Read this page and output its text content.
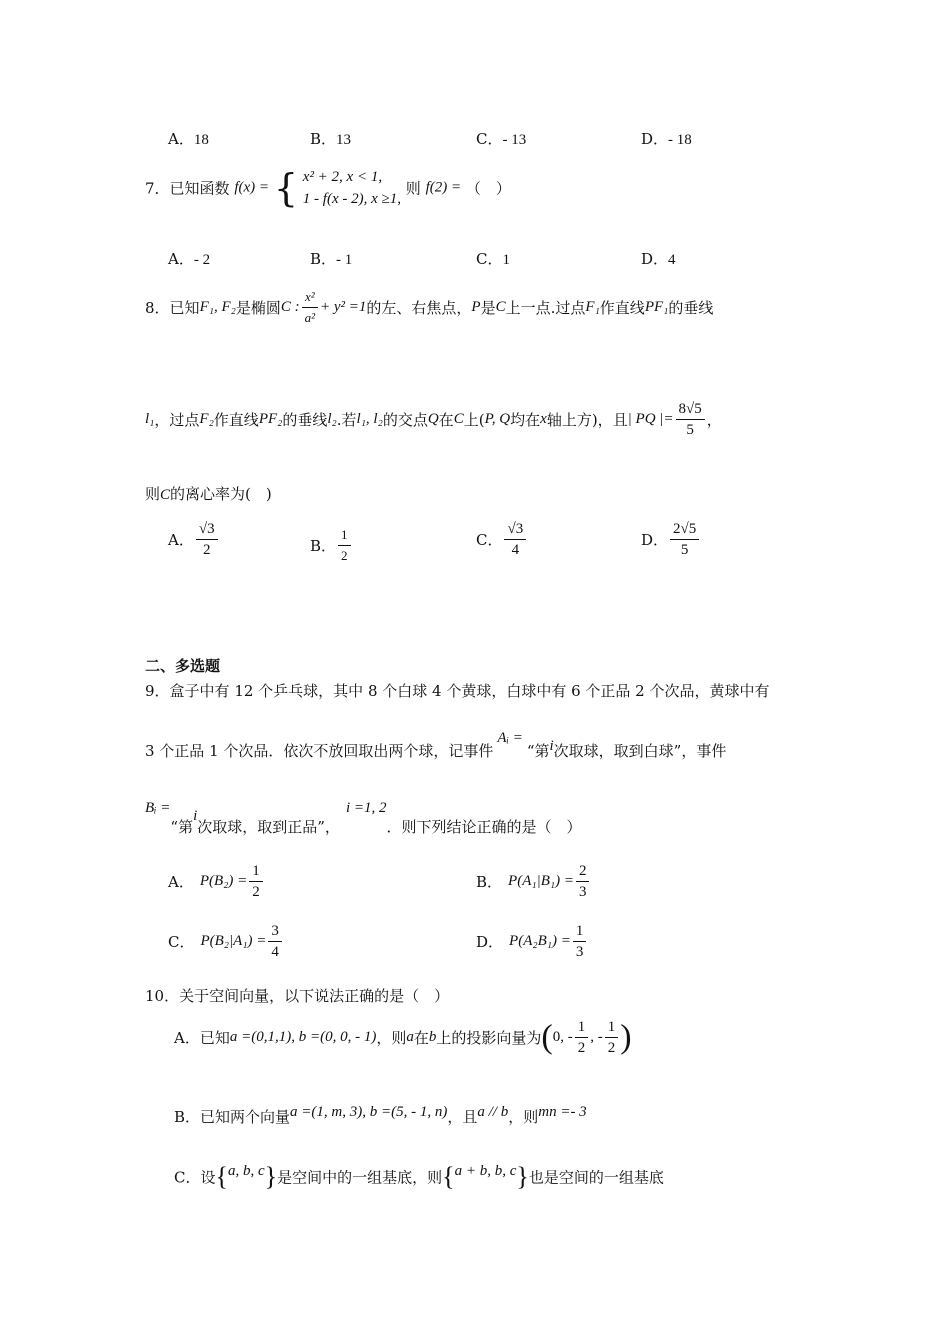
A．18	B．13	C．- 13	D．- 18
7．已知函数 f(x) = { x² + 2, x < 1,
1 - f(x - 2), x ≥1,
则 f(2) = （　）
A．- 2	B．- 1	C．1	D．4
8．已知F₁, F₂是椭圆C : $\frac{\text{x²}}{\text{a²}} + y^2 =1$的左、右焦点，P是C上一点.过点F₁作直线PF₁的垂线
l₁，过点F₂作直线PF₂的垂线l₂.若l₁, l₂的交点Q在C上(P, Q均在x轴上方)，且| PQ |= $\frac{8√5}{5}$ ，
则C的离心率为(　)
A． $\frac{√3}{2}$	B． $\frac{1}{2}$	C． $\frac{√3}{4}$	D． $\frac{2√5}{5}$
二、多选题
9．盒子中有 12 个乒乓球，其中 8 个白球 4 个黄球，白球中有 6 个正品 2 个次品，黄球中有
3 个正品 1 个次品．依次不放回取出两个球，记事件Aᵢ =“第i次取球，取到白球”，事件
Bᵢ =“第i次取球，取到正品”，i =1, 2．则下列结论正确的是（　）
A． $P(B_2) = \frac{1}{2}$	B． $P(A_1|B_1) = \frac{2}{3}$
C． $P(B_2|A_1) = \frac{3}{4}$	D． $P(A_2B_1) = \frac{1}{3}$
10．关于空间向量，以下说法正确的是（　）
A．已知a =(0,1,1), b =(0, 0, - 1)，则a在b上的投影向量为(0, - $\frac{1}{2}$ , - $\frac{1}{2}$ )
B．已知两个向量a =(1, m, 3), b =(5, - 1, n)，且a // b，则mn =- 3
C．设{a, b, c}是空间中的一组基底，则{a + b, b, c}也是空间的一组基底
